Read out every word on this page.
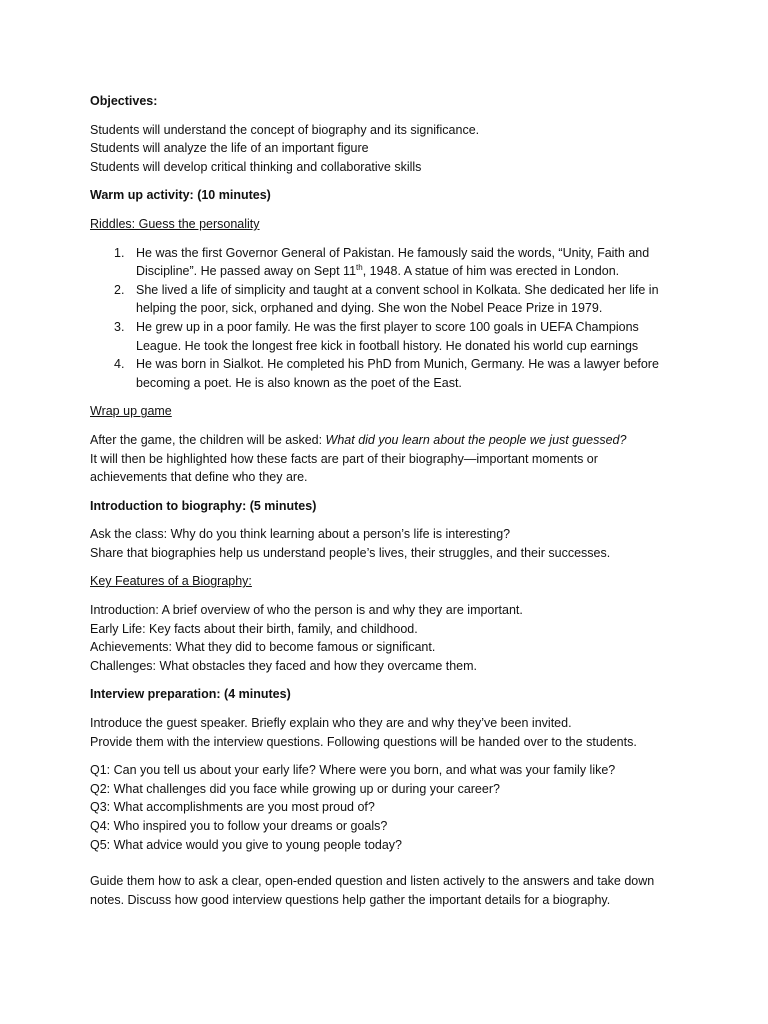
Objectives:

Students will understand the concept of biography and its significance.

Students will analyze the life of an important figure

Students will develop critical thinking and collaborative skills

Warm up activity: (10 minutes)

Riddles: Guess the personality

1. He was the first Governor General of Pakistan. He famously said the words, “Unity, Faith and
Discipline”. He passed away on Sept 11th, 1948. A statue of him was erected in London.
2. She lived a life of simplicity and taught at a convent school in Kolkata. She dedicated her life in
helping the poor, sick, orphaned and dying. She won the Nobel Peace Prize in 1979.
3. He grew up in a poor family. He was the first player to score 100 goals in UEFA Champions
League. He took the longest free kick in football history. He donated his world cup earnings
4. He was born in Sialkot. He completed his PhD from Munich, Germany. He was a lawyer before
becoming a poet. He is also known as the poet of the East.

Wrap up game

After the game, the children will be asked: What did you learn about the people we just guessed?

It will then be highlighted how these facts are part of their biography—important moments or

achievements that define who they are.

Introduction to biography: (5 minutes)

Ask the class: Why do you think learning about a person’s life is interesting?

Share that biographies help us understand people’s lives, their struggles, and their successes.

Key Features of a Biography:

Introduction: A brief overview of who the person is and why they are important.

Early Life: Key facts about their birth, family, and childhood.

Achievements: What they did to become famous or significant.

Challenges: What obstacles they faced and how they overcame them.

Interview preparation: (4 minutes)

Introduce the guest speaker. Briefly explain who they are and why they’ve been invited.

Provide them with the interview questions. Following questions will be handed over to the students.

Q1: Can you tell us about your early life? Where were you born, and what was your family like?

Q2: What challenges did you face while growing up or during your career?

Q3: What accomplishments are you most proud of?

Q4: Who inspired you to follow your dreams or goals?

Q5: What advice would you give to young people today?

Guide them how to ask a clear, open-ended question and listen actively to the answers and take down

notes. Discuss how good interview questions help gather the important details for a biography.
